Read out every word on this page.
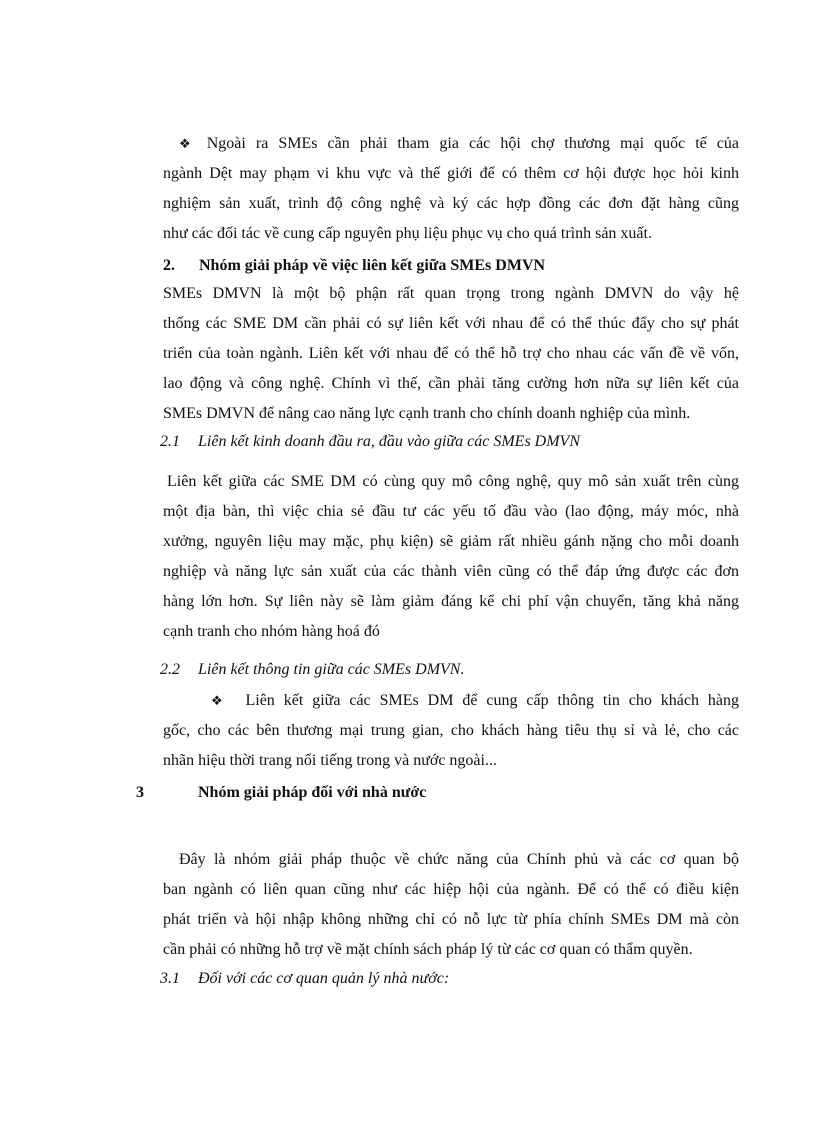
❖ Ngoài ra SMEs cần phải tham gia các hội chợ thương mại quốc tế của
ngành Dệt may phạm vi khu vực và thế giới để có thêm cơ hội được học hỏi kinh
nghiệm sản xuất, trình độ công nghệ và ký các hợp đồng các đơn đặt hàng cũng
như các đối tác về cung cấp nguyên phụ liệu phục vụ cho quá trình sản xuất.
2. Nhóm giải pháp về việc liên kết giữa SMEs DMVN
SMEs DMVN là một bộ phận rất quan trọng trong ngành DMVN do vậy hệ
thống các SME DM cần phải có sự liên kết với nhau để có thể thúc đẩy cho sự phát
triển của toàn ngành. Liên kết với nhau để có thể hỗ trợ cho nhau các vấn đề về vốn,
lao động và công nghệ. Chính vì thế, cần phải tăng cường hơn nữa sự liên kết của
SMEs DMVN để nâng cao năng lực cạnh tranh cho chính doanh nghiệp của mình.
2.1 Liên kết kinh doanh đầu ra, đầu vào giữa các SMEs DMVN
Liên kết giữa các SME DM có cùng quy mô công nghệ, quy mô sản xuất trên cùng
một địa bàn, thì việc chia sẻ đầu tư các yếu tố đầu vào (lao động, máy móc, nhà
xưởng, nguyên liệu may mặc, phụ kiện) sẽ giảm rất nhiều gánh nặng cho mỗi doanh
nghiệp và năng lực sản xuất của các thành viên cũng có thể đáp ứng được các đơn
hàng lớn hơn. Sự liên này sẽ làm giảm đáng kể chi phí vận chuyển, tăng khả năng
cạnh tranh cho nhóm hàng hoá đó
2.2 Liên kết thông tin giữa các SMEs DMVN.
❖ Liên kết giữa các SMEs DM để cung cấp thông tin cho khách hàng
gốc, cho các bên thương mại trung gian, cho khách hàng tiêu thụ sỉ và lẻ, cho các
nhãn hiệu thời trang nổi tiếng trong và nước ngoài...
3	Nhóm giải pháp đối với nhà nước
Đây là nhóm giải pháp thuộc về chức năng của Chính phủ và các cơ quan bộ
ban ngành có liên quan cũng như các hiệp hội của ngành. Để có thể có điều kiện
phát triển và hội nhập không những chỉ có nỗ lực từ phía chính SMEs DM mà còn
cần phải có những hỗ trợ về mặt chính sách pháp lý từ các cơ quan có thẩm quyền.
3.1 Đối với các cơ quan quản lý nhà nước:
